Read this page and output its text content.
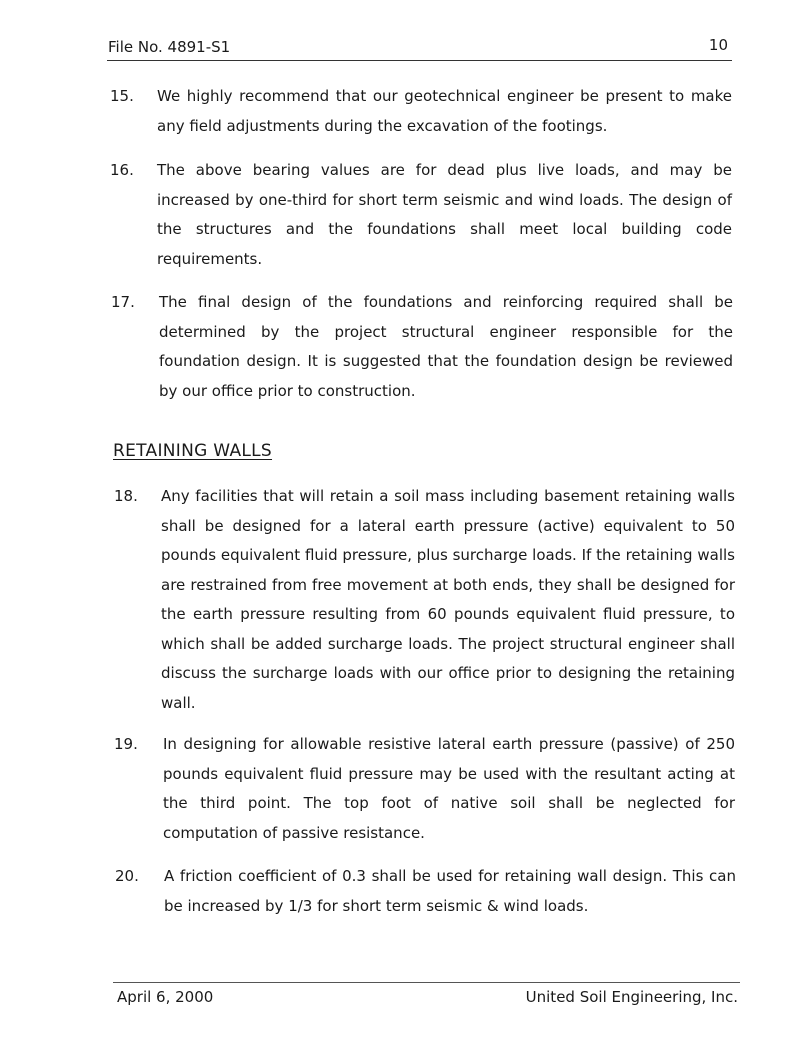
File No. 4891-S1	10
15. We highly recommend that our geotechnical engineer be present to make any field adjustments during the excavation of the footings.
16. The above bearing values are for dead plus live loads, and may be increased by one-third for short term seismic and wind loads. The design of the structures and the foundations shall meet local building code requirements.
17. The final design of the foundations and reinforcing required shall be determined by the project structural engineer responsible for the foundation design. It is suggested that the foundation design be reviewed by our office prior to construction.
RETAINING WALLS
18. Any facilities that will retain a soil mass including basement retaining walls shall be designed for a lateral earth pressure (active) equivalent to 50 pounds equivalent fluid pressure, plus surcharge loads. If the retaining walls are restrained from free movement at both ends, they shall be designed for the earth pressure resulting from 60 pounds equivalent fluid pressure, to which shall be added surcharge loads. The project structural engineer shall discuss the surcharge loads with our office prior to designing the retaining wall.
19. In designing for allowable resistive lateral earth pressure (passive) of 250 pounds equivalent fluid pressure may be used with the resultant acting at the third point. The top foot of native soil shall be neglected for computation of passive resistance.
20. A friction coefficient of 0.3 shall be used for retaining wall design. This can be increased by 1/3 for short term seismic & wind loads.
April 6, 2000	United Soil Engineering, Inc.
